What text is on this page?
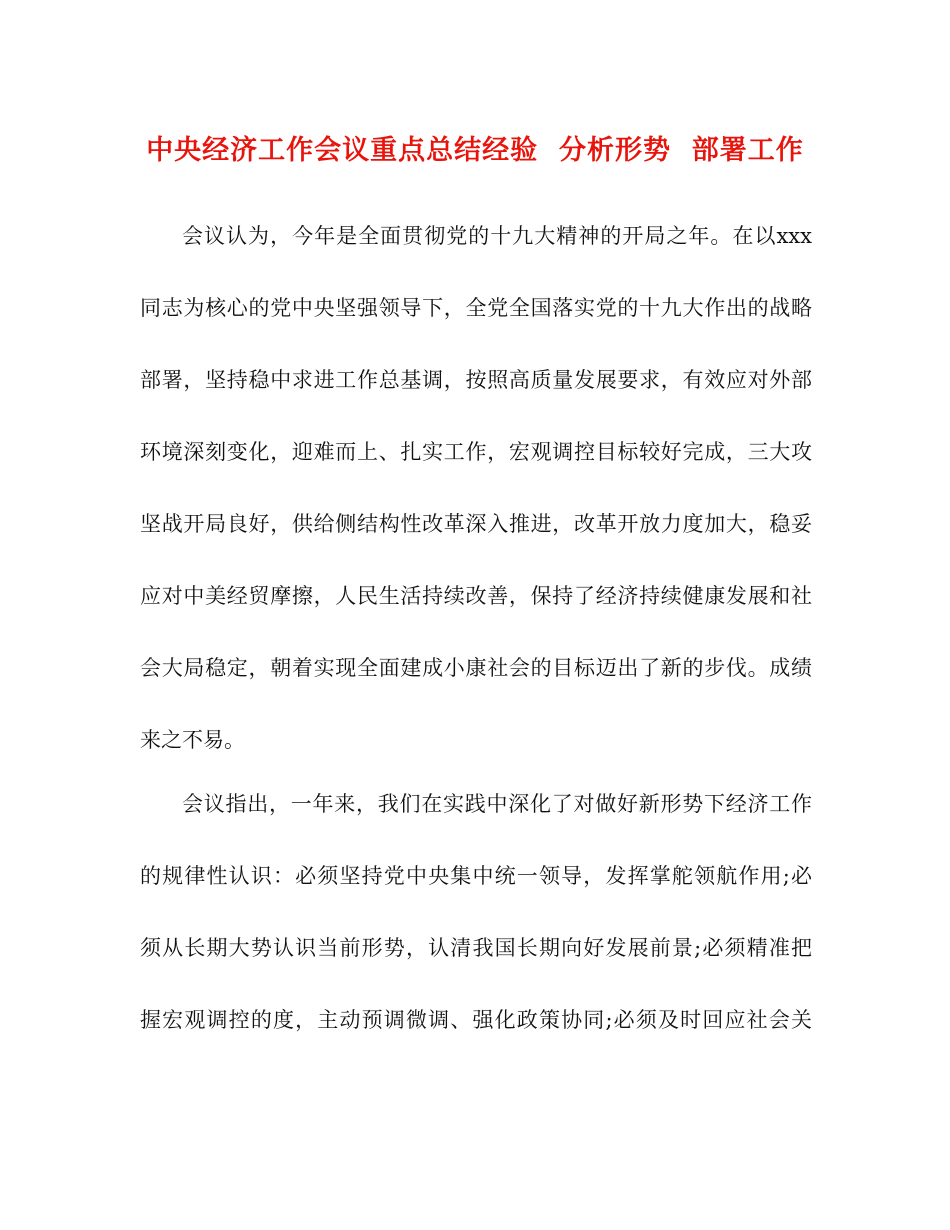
中央经济工作会议重点总结经验  分析形势  部署工作

会议认为，今年是全面贯彻党的十九大精神的开局之年。在以xxx

同志为核心的党中央坚强领导下，全党全国落实党的十九大作出的战略

部署，坚持稳中求进工作总基调，按照高质量发展要求，有效应对外部

环境深刻变化，迎难而上、扎实工作，宏观调控目标较好完成，三大攻

坚战开局良好，供给侧结构性改革深入推进，改革开放力度加大，稳妥

应对中美经贸摩擦，人民生活持续改善，保持了经济持续健康发展和社

会大局稳定，朝着实现全面建成小康社会的目标迈出了新的步伐。成绩

来之不易。

会议指出，一年来，我们在实践中深化了对做好新形势下经济工作

的规律性认识：必须坚持党中央集中统一领导，发挥掌舵领航作用;必

须从长期大势认识当前形势，认清我国长期向好发展前景;必须精准把

握宏观调控的度，主动预调微调、强化政策协同;必须及时回应社会关
